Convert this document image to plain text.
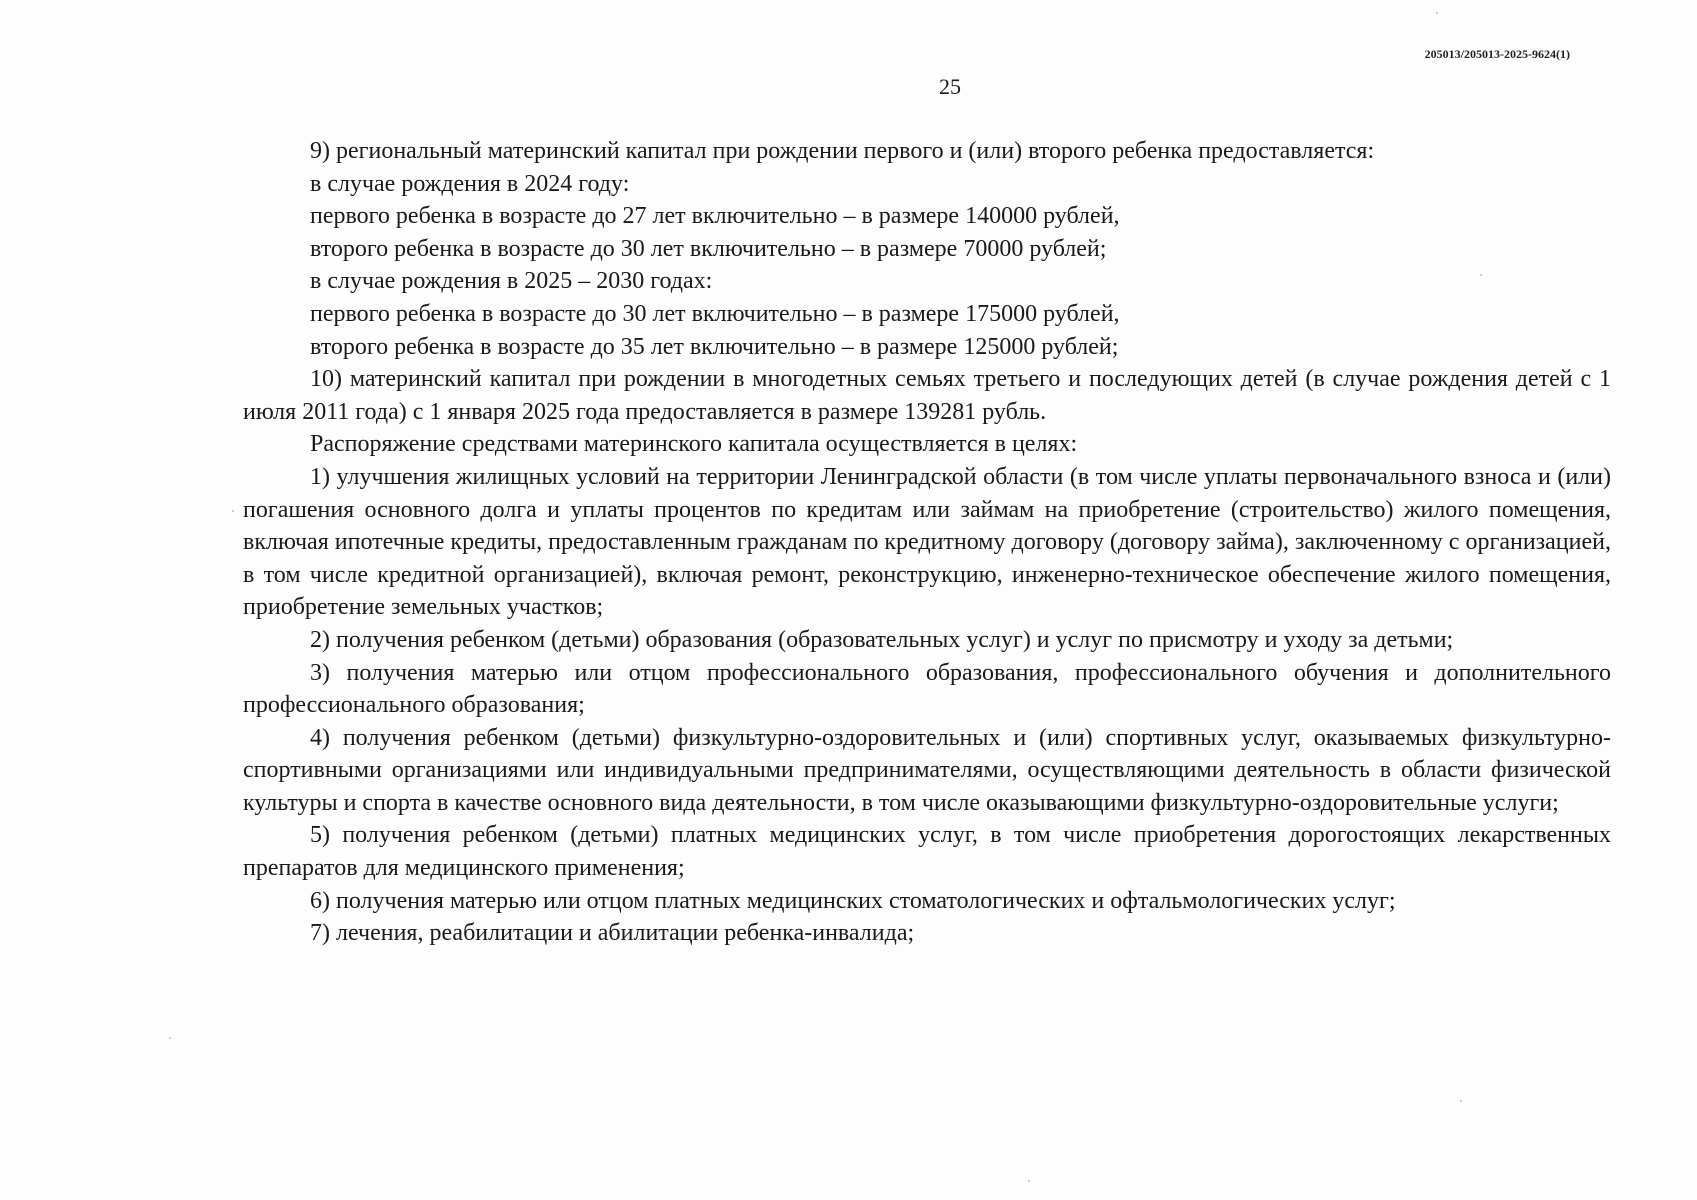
205013/205013-2025-9624(1)
25

9) региональный материнский капитал при рождении первого и (или) второго ребенка предоставляется:

в случае рождения в 2024 году:

первого ребенка в возрасте до 27 лет включительно – в размере 140000 рублей,

второго ребенка в возрасте до 30 лет включительно – в размере 70000 рублей;

в случае рождения в 2025 – 2030 годах:

первого ребенка в возрасте до 30 лет включительно – в размере 175000 рублей,

второго ребенка в возрасте до 35 лет включительно – в размере 125000 рублей;

10) материнский капитал при рождении в многодетных семьях третьего и последующих детей (в случае рождения детей с 1 июля 2011 года) с 1 января 2025 года предоставляется в размере 139281 рубль.

Распоряжение средствами материнского капитала осуществляется в целях:

1) улучшения жилищных условий на территории Ленинградской области (в том числе уплаты первоначального взноса и (или) погашения основного долга и уплаты процентов по кредитам или займам на приобретение (строительство) жилого помещения, включая ипотечные кредиты, предоставленным гражданам по кредитному договору (договору займа), заключенному с организацией, в том числе кредитной организацией), включая ремонт, реконструкцию, инженерно-техническое обеспечение жилого помещения, приобретение земельных участков;

2) получения ребенком (детьми) образования (образовательных услуг) и услуг по присмотру и уходу за детьми;

3) получения матерью или отцом профессионального образования, профессионального обучения и дополнительного профессионального образования;

4) получения ребенком (детьми) физкультурно-оздоровительных и (или) спортивных услуг, оказываемых физкультурно-спортивными организациями или индивидуальными предпринимателями, осуществляющими деятельность в области физической культуры и спорта в качестве основного вида деятельности, в том числе оказывающими физкультурно-оздоровительные услуги;

5) получения ребенком (детьми) платных медицинских услуг, в том числе приобретения дорогостоящих лекарственных препаратов для медицинского применения;

6) получения матерью или отцом платных медицинских стоматологических и офтальмологических услуг;

7) лечения, реабилитации и абилитации ребенка-инвалида;
